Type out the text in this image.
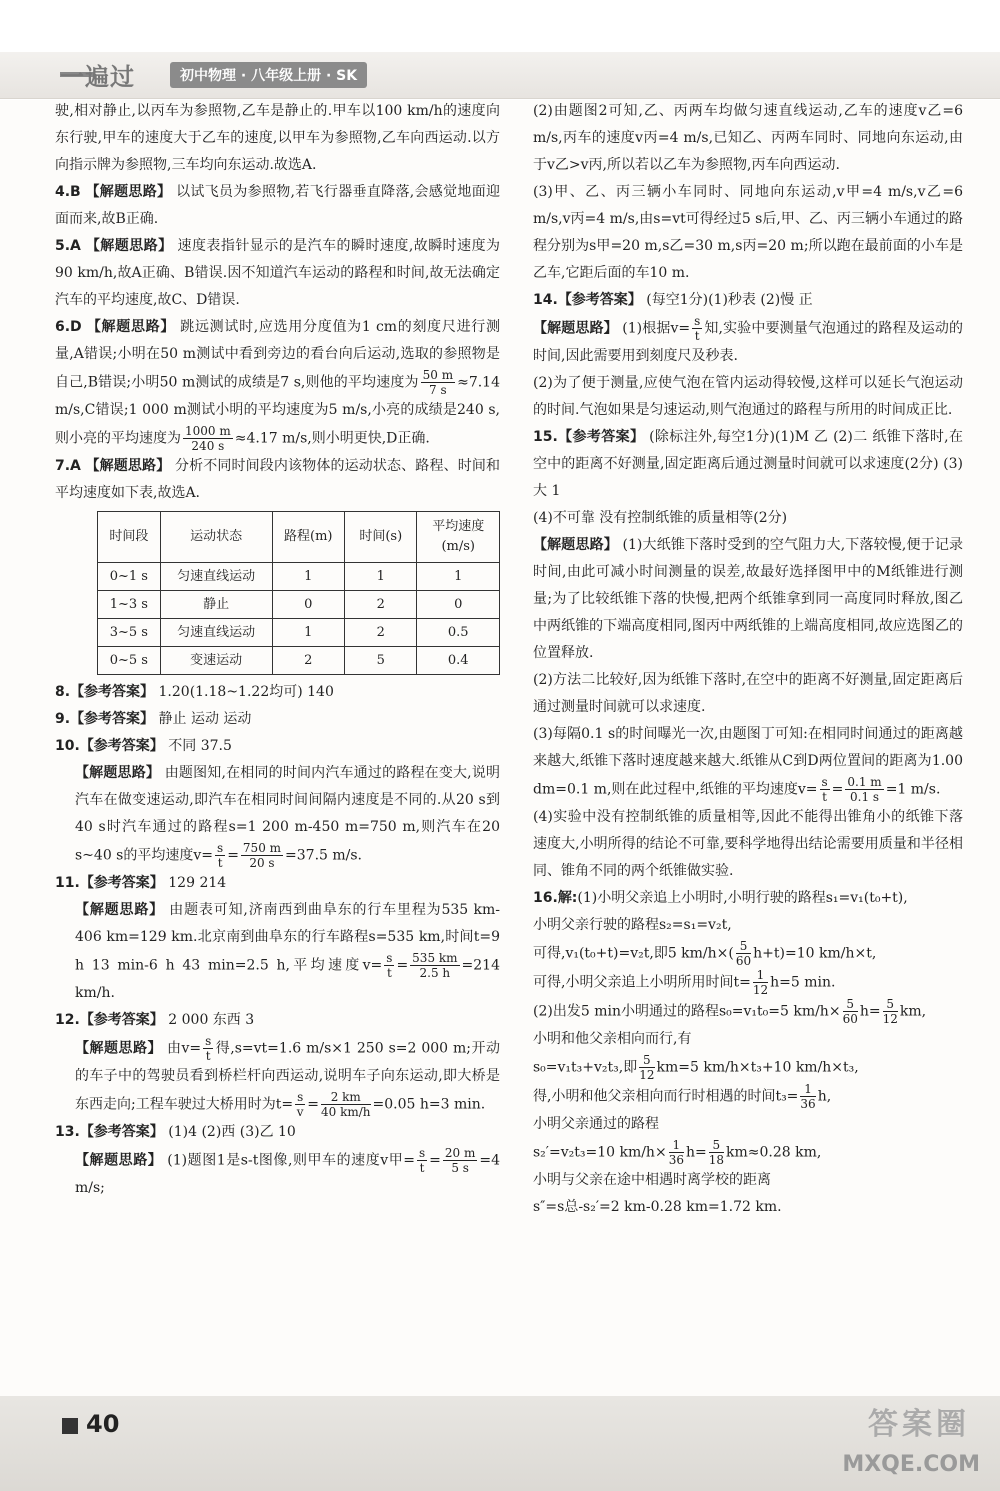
一遍过	初中物理 · 八年级上册 · SK

驶,相对静止,以丙车为参照物,乙车是静止的.甲车以100 km/h的速度向东行驶,甲车的速度大于乙车的速度,以甲车为参照物,乙车向西运动.以方向指示牌为参照物,三车均向东运动.故选A.

4.B 【解题思路】 以试飞员为参照物,若飞行器垂直降落,会感觉地面迎面而来,故B正确.

5.A 【解题思路】 速度表指针显示的是汽车的瞬时速度,故瞬时速度为90 km/h,故A正确、B错误.因不知道汽车运动的路程和时间,故无法确定汽车的平均速度,故C、D错误.

6.D 【解题思路】 跳远测试时,应选用分度值为1 cm的刻度尺进行测量,A错误;小明在50 m测试中看到旁边的看台向后运动,选取的参照物是自己,B错误;小明50 m测试的成绩是7 s,则他的平均速度为 $\frac{50 m}{7 s} \approx 7.14$ m/s,C错误;1 000 m测试小明的平均速度为5 m/s,小亮的成绩是240 s,则小亮的平均速度为 $\frac{1000 m}{240 s} \approx 4.17$ m/s,则小明更快,D正确.

7.A 【解题思路】 分析不同时间段内该物体的运动状态、路程、时间和平均速度如下表,故选A.

时间段	运动状态	路程(m)	时间(s)	平均速度(m/s)
0~1 s	匀速直线运动	1	1	1
1~3 s	静止	0	2	0
3~5 s	匀速直线运动	1	2	0.5
0~5 s	变速运动	2	5	0.4

8.【参考答案】 1.20(1.18~1.22均可) 140

9.【参考答案】 静止 运动 运动

10.【参考答案】 不同 37.5

【解题思路】 由题图知,在相同的时间内汽车通过的路程在变大,说明汽车在做变速运动,即汽车在相同时间间隔内速度是不同的.从20 s到40 s时汽车通过的路程s=1 200 m-450 m=750 m,则汽车在20 s~40 s的平均速度$v= \frac{s}{t} = \frac{750 m}{20 s} =37.5$ m/s.

11.【参考答案】 129 214

【解题思路】 由题表可知,济南西到曲阜东的行车里程为535 km-406 km=129 km.北京南到曲阜东的行车路程s=535 km,时间t=9 h 13 min-6 h 43 min=2.5 h,平均速度$v= \frac{s}{t} = \frac{535 km}{2.5 h} =214$ km/h.

12.【参考答案】 2 000 东西 3

【解题思路】 由$v= \frac{s}{t}$ 得,s=vt=1.6 m/s×1 250 s=2 000 m;开动的车子中的驾驶员看到桥栏杆向西运动,说明车子向东运动,即大桥是东西走向;工程车驶过大桥用时为$t= \frac{s}{v} = \frac{2 km}{40 km/h} =0.05$ h=3 min.

13.【参考答案】 (1)4 (2)西 (3)乙 10

【解题思路】 (1)题图1是s-t图像,则甲车的速度v甲= $\frac{s}{t} = \frac{20 m}{5 s} =4$ m/s;

(2)由题图2可知,乙、丙两车均做匀速直线运动,乙车的速度v乙=6 m/s,丙车的速度v丙=4 m/s,已知乙、丙两车同时、同地向东运动,由于v乙>v丙,所以若以乙车为参照物,丙车向西运动.

(3)甲、乙、丙三辆小车同时、同地向东运动,v甲=4 m/s,v乙=6 m/s,v丙=4 m/s,由s=vt可得经过5 s后,甲、乙、丙三辆小车通过的路程分别为s甲=20 m,s乙=30 m,s丙=20 m;所以跑在最前面的小车是乙车,它距后面的车10 m.

14.【参考答案】 (每空1分)(1)秒表 (2)慢 正

【解题思路】 (1)根据$v= \frac{s}{t}$ 知,实验中要测量气泡通过的路程及运动的时间,因此需要用到刻度尺及秒表.

(2)为了便于测量,应使气泡在管内运动得较慢,这样可以延长气泡运动的时间.气泡如果是匀速运动,则气泡通过的路程与所用的时间成正比.

15.【参考答案】 (除标注外,每空1分)(1)M 乙 (2)二 纸锥下落时,在空中的距离不好测量,固定距离后通过测量时间就可以求速度(2分) (3)大 1

(4)不可靠 没有控制纸锥的质量相等(2分)

【解题思路】 (1)大纸锥下落时受到的空气阻力大,下落较慢,便于记录时间,由此可减小时间测量的误差,故最好选择图甲中的M纸锥进行测量;为了比较纸锥下落的快慢,把两个纸锥拿到同一高度同时释放,图乙中两纸锥的下端高度相同,图丙中两纸锥的上端高度相同,故应选图乙的位置释放.

(2)方法二比较好,因为纸锥下落时,在空中的距离不好测量,固定距离后通过测量时间就可以求速度.

(3)每隔0.1 s的时间曝光一次,由题图丁可知:在相同时间通过的距离越来越大,纸锥下落时速度越来越大.纸锥从C到D两位置间的距离为1.00 dm=0.1 m,则在此过程中,纸锥的平均速度$v= \frac{s}{t} = \frac{0.1 m}{0.1 s} =1$ m/s.

(4)实验中没有控制纸锥的质量相等,因此不能得出锥角小的纸锥下落速度大,小明所得的结论不可靠,要科学地得出结论需要用质量和半径相同、锥角不同的两个纸锥做实验.

16.解:(1)小明父亲追上小明时,小明行驶的路程s₁=v₁(t₀+t),

小明父亲行驶的路程s₂=s₁=v₂t,

可得,v₁(t₀+t)=v₂t,即5 $km/h\times( \frac{5}{60} h+t)=10$ km/h×t,

可得,小明父亲追上小明所用时间$t= \frac{1}{12} h=5$ min.

(2)出发5 min小明通过的路程s₀=v₁t₀=5 $km/h\times \frac{5}{60} h= \frac{5}{12}$ km,

小明和他父亲相向而行,有

s₀=v₁t₃+v₂t₃,即 $\frac{5}{12} km=5$ km/h×t₃+10 km/h×t₃,

得,小明和他父亲相向而行时相遇的时间$t_3= \frac{1}{36} h$,

小明父亲通过的路程

s₂′=v₂t₃=10 $km/h\times \frac{1}{36} h= \frac{5}{18} km\approx 0.28$ km,

小明与父亲在途中相遇时离学校的距离

s″=s总-s₂′=2 km-0.28 km=1.72 km.

40	答案圈
MXQE.COM
